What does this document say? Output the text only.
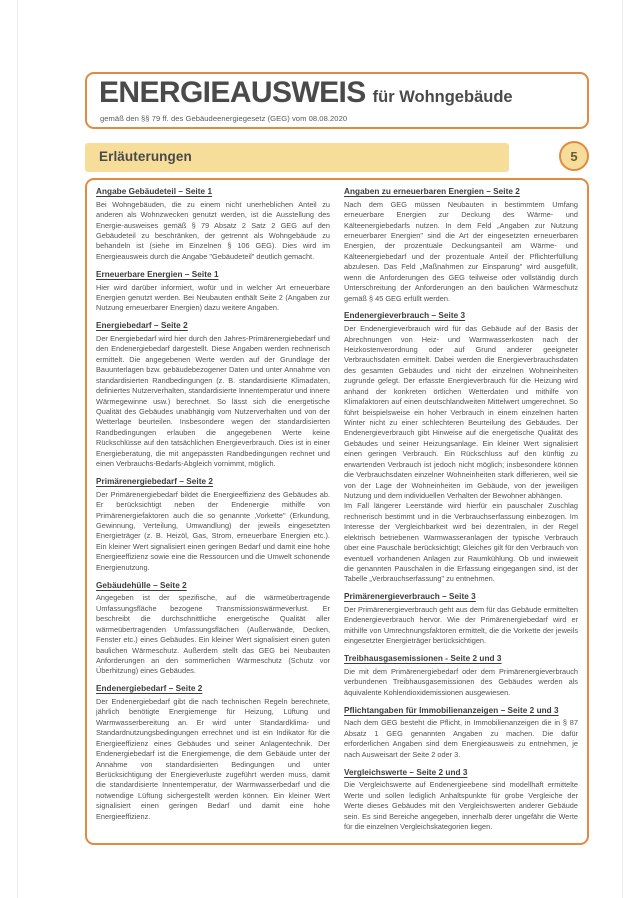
ENERGIEAUSWEIS für Wohngebäude
gemäß den §§ 79 ff. des Gebäudeenergiegesetz (GEG) vom 08.08.2020
Erläuterungen	5
Angabe Gebäudeteil – Seite 1

Bei Wohngebäuden, die zu einem nicht unerheblichen Anteil zu anderen als Wohnzwecken genutzt werden, ist die Ausstellung des Energie-ausweises gemäß § 79 Absatz 2 Satz 2 GEG auf den Gebäudeteil zu beschränken, der getrennt als Wohngebäude zu behandeln ist (siehe im Einzelnen § 106 GEG). Dies wird im Energieausweis durch die Angabe "Gebäudeteil" deutlich gemacht.

Erneuerbare Energien – Seite 1

Hier wird darüber informiert, wofür und in welcher Art erneuerbare Energien genutzt werden. Bei Neubauten enthält Seite 2 (Angaben zur Nutzung erneuerbarer Energien) dazu weitere Angaben.

Energiebedarf – Seite 2

Der Energiebedarf wird hier durch den Jahres-Primärenergiebedarf und den Endenergiebedarf dargestellt. Diese Angaben werden rechnerisch ermittelt. Die angegebenen Werte werden auf der Grundlage der Bauunterlagen bzw. gebäudebezogener Daten und unter Annahme von standardisierten Randbedingungen (z. B. standardisierte Klimadaten, definiertes Nutzerverhalten, standardisierte Innentemperatur und innere Wärmegewinne usw.) berechnet. So lässt sich die energetische Qualität des Gebäudes unabhängig vom Nutzerverhalten und von der Wetterlage beurteilen. Insbesondere wegen der standardisierten Randbedingungen erlauben die angegebenen Werte keine Rückschlüsse auf den tatsächlichen Energieverbrauch. Dies ist in einer Energieberatung, die mit angepassten Randbedingungen rechnet und einen Verbrauchs-Bedarfs-Abgleich vornimmt, möglich.

Primärenergiebedarf – Seite 2

Der Primärenergiebedarf bildet die Energieeffizienz des Gebäudes ab. Er berücksichtigt neben der Endenergie mithilfe von Primärenergiefaktoren auch die so genannte ‚Vorkette" (Erkundung, Gewinnung, Verteilung, Umwandlung) der jeweils eingesetzten Energieträger (z. B. Heizöl, Gas, Strom, erneuerbare Energien etc.). Ein kleiner Wert signalisiert einen geringen Bedarf und damit eine hohe Energieeffizienz sowie eine die Ressourcen und die Umwelt schonende Energienutzung.

Gebäudehülle – Seite 2

Angegeben ist der spezifische, auf die wärmeübertragende Umfassungsfläche bezogene Transmissionswärmeverlust. Er beschreibt die durchschnittliche energetische Qualität aller wärmeübertragenden Umfassungsflächen (Außenwände, Decken, Fenster etc.) eines Gebäudes. Ein kleiner Wert signalisiert einen guten baulichen Wärmeschutz. Außerdem stellt das GEG bei Neubauten Anforderungen an den sommerlichen Wärmeschutz (Schutz vor Überhitzung) eines Gebäudes.

Endenergiebedarf – Seite 2

Der Endenergiebedarf gibt die nach technischen Regeln berechnete, jährlich benötigte Energiemenge für Heizung, Lüftung und Warmwasserbereitung an. Er wird unter Standardklima- und Standardnutzungsbedingungen errechnet und ist ein Indikator für die Energieeffizienz eines Gebäudes und seiner Anlagentechnik. Der Endenergiebedarf ist die Energiemenge, die dem Gebäude unter der Annahme von standardisierten Bedingungen und unter Berücksichtigung der Energieverluste zugeführt werden muss, damit die standardisierte Innentemperatur, der Warmwasserbedarf und die notwendige Lüftung sichergestellt werden können. Ein kleiner Wert signalisiert einen geringen Bedarf und damit eine hohe Energieeffizienz.

Angaben zu erneuerbaren Energien – Seite 2

Nach dem GEG müssen Neubauten in bestimmtem Umfang erneuerbare Energien zur Deckung des Wärme- und Kälteenergiebedarfs nutzen. In dem Feld „Angaben zur Nutzung erneuerbarer Energien" sind die Art der eingesetzten erneuerbaren Energien, der prozentuale Deckungsanteil am Wärme- und Kälteenergiebedarf und der prozentuale Anteil der Pflichterfüllung abzulesen. Das Feld „Maßnahmen zur Einsparung" wird ausgefüllt, wenn die Anforderungen des GEG teilweise oder vollständig durch Unterschreitung der Anforderungen an den baulichen Wärmeschutz gemäß § 45 GEG erfüllt werden.

Endenergieverbrauch – Seite 3

Der Endenergieverbrauch wird für das Gebäude auf der Basis der Abrechnungen von Heiz- und Warmwasserkosten nach der Heizkostenverordnung oder auf Grund anderer geeigneter Verbrauchsdaten ermittelt. Dabei werden die Energieverbrauchsdaten des gesamten Gebäudes und nicht der einzelnen Wohneinheiten zugrunde gelegt. Der erfasste Energieverbrauch für die Heizung wird anhand der konkreten örtlichen Wetterdaten und mithilfe von Klimafaktoren auf einen deutschlandweiten Mittelwert umgerechnet. So führt beispielsweise ein hoher Verbrauch in einem einzelnen harten Winter nicht zu einer schlechteren Beurteilung des Gebäudes. Der Endenergieverbrauch gibt Hinweise auf die energetische Qualität des Gebäudes und seiner Heizungsanlage. Ein kleiner Wert signalisiert einen geringen Verbrauch. Ein Rückschluss auf den künftig zu erwartenden Verbrauch ist jedoch nicht möglich; insbesondere können die Verbrauchsdaten einzelner Wohneinheiten stark differieren, weil sie von der Lage der Wohneinheiten im Gebäude, von der jeweiligen Nutzung und dem individuellen Verhalten der Bewohner abhängen.

Im Fall längerer Leerstände wird hierfür ein pauschaler Zuschlag rechnerisch bestimmt und in die Verbrauchserfassung einbezogen. Im Interesse der Vergleichbarkeit wird bei dezentralen, in der Regel elektrisch betriebenen Warmwasseranlagen der typische Verbrauch über eine Pauschale berücksichtigt; Gleiches gilt für den Verbrauch von eventuell vorhandenen Anlagen zur Raumkühlung. Ob und inwieweit die genannten Pauschalen in die Erfassung eingegangen sind, ist der Tabelle „Verbrauchserfassung" zu entnehmen.

Primärenergieverbrauch – Seite 3

Der Primärenergieverbrauch geht aus dem für das Gebäude ermittelten Endenergieverbrauch hervor. Wie der Primärenergiebedarf wird er mithilfe von Umrechnungsfaktoren ermittelt, die die Vorkette der jeweils eingesetzter Energieträger berücksichtigen.

Treibhausgasemissionen - Seite 2 und 3

Die mit dem Primärenergiebedarf oder dem Primärenergieverbrauch verbundenen Treibhausgasemissionen des Gebäudes werden als äquivalente Kohlendioxidemissionen ausgewiesen.

Pflichtangaben für Immobilienanzeigen – Seite 2 und 3

Nach dem GEG besteht die Pflicht, in Immobilienanzeigen die in § 87 Absatz 1 GEG genannten Angaben zu machen. Die dafür erforderlichen Angaben sind dem Energieausweis zu entnehmen, je nach Ausweisart der Seite 2 oder 3.

Vergleichswerte – Seite 2 und 3

Die Vergleichswerte auf Endenergieebene sind modellhaft ermittelte Werte und sollen lediglich Anhaltspunkte für grobe Vergleiche der Werte dieses Gebäudes mit den Vergleichswerten anderer Gebäude sein. Es sind Bereiche angegeben, innerhalb derer ungefähr die Werte für die einzelnen Vergleichskategorien liegen.
